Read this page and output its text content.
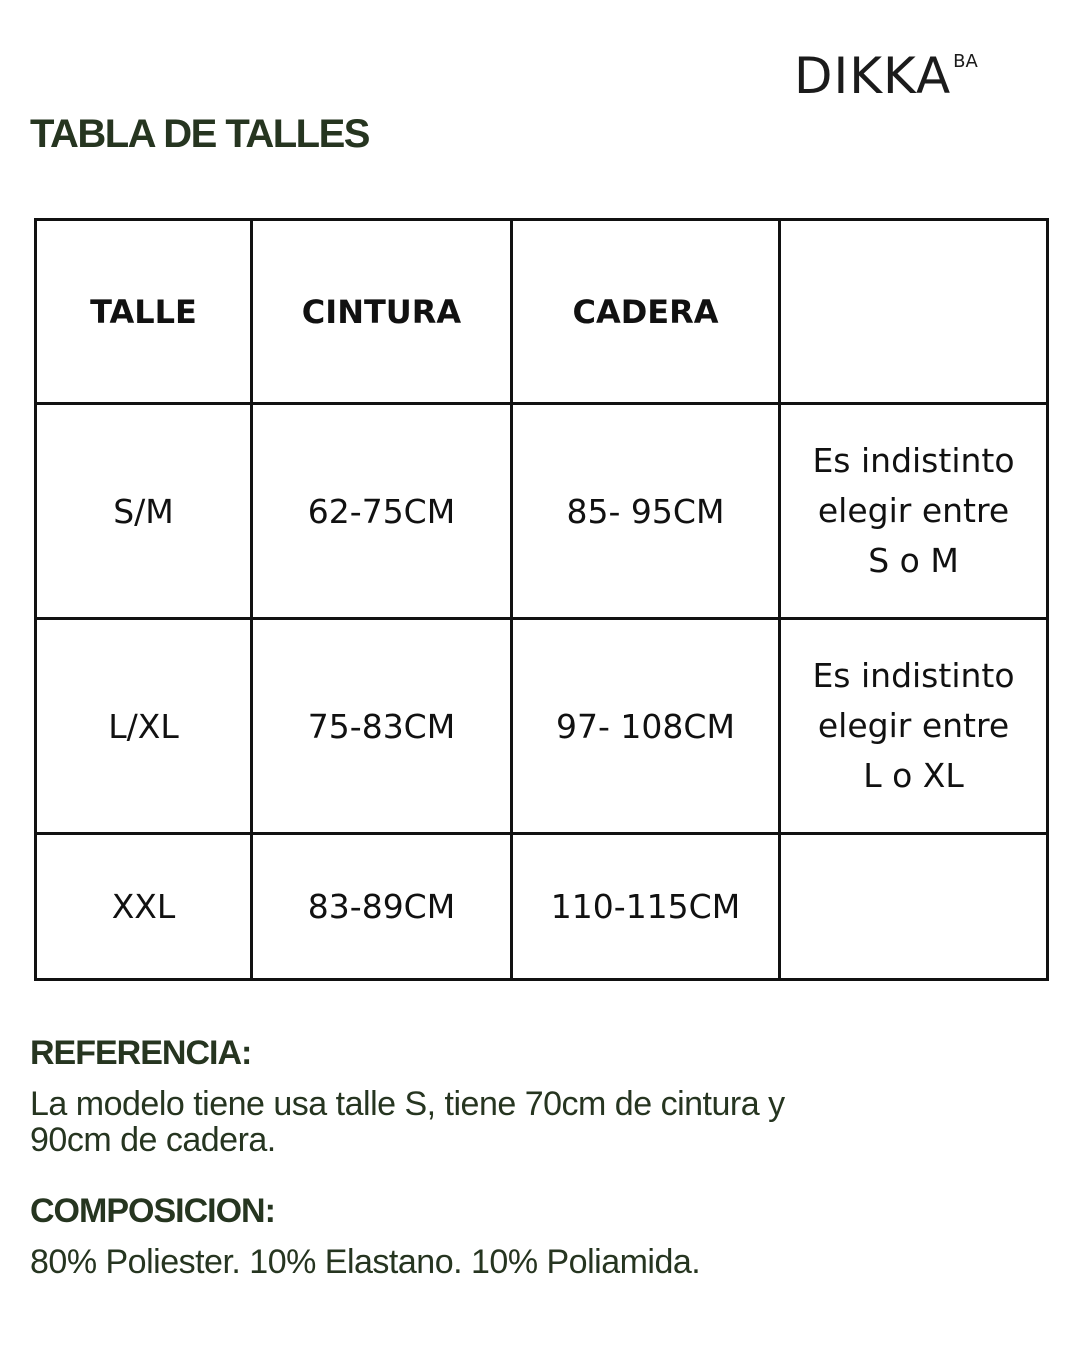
DIKKA BA
TABLA DE TALLES
TALLE	CINTURA	CADERA	
S/M	62-75CM	85- 95CM	Es indistinto
elegir entre
S o M
L/XL	75-83CM	97- 108CM	Es indistinto
elegir entre
L o XL
XXL	83-89CM	110-115CM	
REFERENCIA:

La modelo tiene usa talle S, tiene 70cm de cintura y

90cm de cadera.

COMPOSICION:

80% Poliester. 10% Elastano. 10% Poliamida.
